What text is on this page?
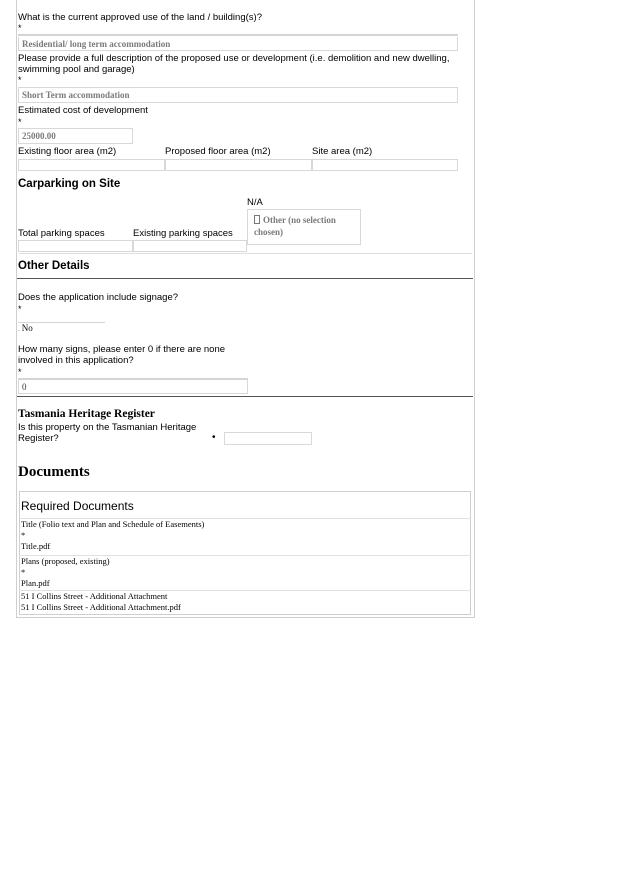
What is the current approved use of the land / building(s)?
*
Residential/ long term accommodation
Please provide a full description of the proposed use or development (i.e. demolition and new dwelling, swimming pool and garage)
*
Short Term accommodation
Estimated cost of development
*
25000.00
Existing floor area (m2)	Proposed floor area (m2)	Site area (m2)
Carparking on Site
N/A
Other (no selection chosen)
Total parking spaces	Existing parking spaces
Other Details
Does the application include signage?
*
. No
How many signs, please enter 0 if there are none involved in this application?
*
0
Tasmania Heritage Register
Is this property on the Tasmanian Heritage Register?	•
Documents
Required Documents
Title (Folio text and Plan and Schedule of Easements)
*
Title.pdf
Plans (proposed, existing)
*
Plan.pdf
51 I Collins Street - Additional Attachment
51 I Collins Street - Additional Attachment.pdf
